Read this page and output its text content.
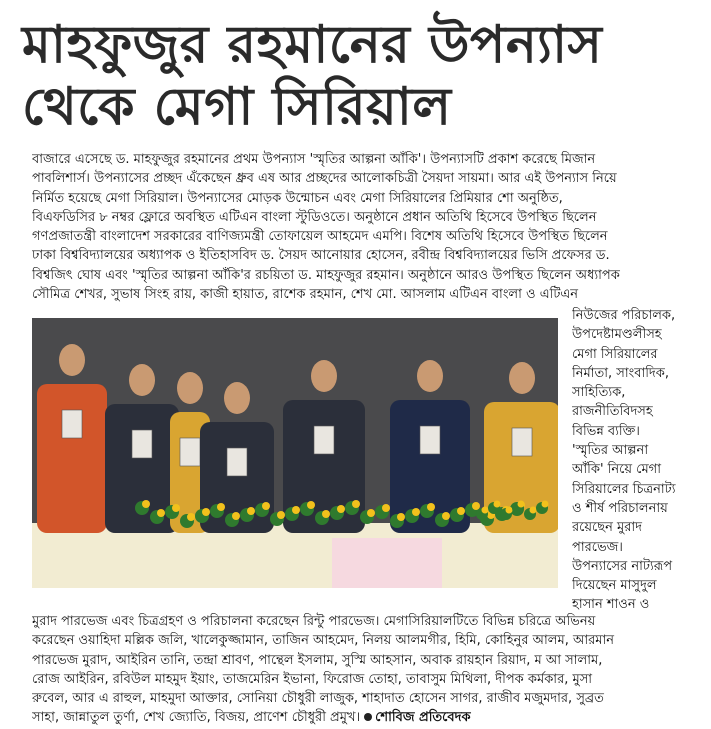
মাহফুজুর রহমানের উপন্যাস
থেকে মেগা সিরিয়াল

বাজারে এসেছে ড. মাহফুজুর রহমানের প্রথম উপন্যাস 'স্মৃতির আল্পনা আঁকি'। উপন্যাসটি প্রকাশ করেছে মিজান
পাবলিশার্স। উপন্যাসের প্রচ্ছদ এঁকেছেন ধ্রুব এষ আর প্রচ্ছদের আলোকচিত্রী সৈয়দা সায়মা। আর এই উপন্যাস নিয়ে
নির্মিত হয়েছে মেগা সিরিয়াল। উপন্যাসের মোড়ক উন্মোচন এবং মেগা সিরিয়ালের প্রিমিয়ার শো অনুষ্ঠিত,
বিএফডিসির ৮ নম্বর ফ্লোরে অবস্থিত এটিএন বাংলা স্টুডিওতে। অনুষ্ঠানে প্রধান অতিথি হিসেবে উপস্থিত ছিলেন
গণপ্রজাতন্ত্রী বাংলাদেশ সরকারের বাণিজ্যমন্ত্রী তোফায়েল আহমেদ এমপি। বিশেষ অতিথি হিসেবে উপস্থিত ছিলেন
ঢাকা বিশ্ববিদ্যালয়ের অধ্যাপক ও ইতিহাসবিদ ড. সৈয়দ আনোয়ার হোসেন, রবীন্দ্র বিশ্ববিদ্যালয়ের ভিসি প্রফেসর ড.
বিশ্বজিৎ ঘোষ এবং 'স্মৃতির আল্পনা আঁকি'র রচয়িতা ড. মাহফুজুর রহমান। অনুষ্ঠানে আরও উপস্থিত ছিলেন অধ্যাপক
সৌমিত্র শেখর, সুভাষ সিংহ রায়, কাজী হায়াত, রাশেক রহমান, শেখ মো. আসলাম এটিএন বাংলা ও এটিএন

নিউজের পরিচালক,
উপদেষ্টামণ্ডলীসহ
মেগা সিরিয়ালের
নির্মাতা, সাংবাদিক,
সাহিত্যিক,
রাজনীতিবিদসহ
বিভিন্ন ব্যক্তি।
'স্মৃতির আল্পনা
আঁকি' নিয়ে মেগা
সিরিয়ালের চিত্রনাট্য
ও শীর্ষ পরিচালনায়
রয়েছেন মুরাদ
পারভেজ।
উপন্যাসের নাট্যরূপ
দিয়েছেন মাসুদুল
হাসান শাওন ও

মুরাদ পারভেজ এবং চিত্রগ্রহণ ও পরিচালনা করেছেন রিন্টু পারভেজ। মেগাসিরিয়ালটিতে বিভিন্ন চরিত্রে অভিনয়
করেছেন ওয়াহিদা মল্লিক জলি, খালেকুজ্জামান, তাজিন আহমেদ, নিলয় আলমগীর, হিমি, কোহিনুর আলম, আরমান
পারভেজ মুরাদ, আইরিন তানি, তন্দ্রা শ্রাবণ, পান্থেল ইসলাম, সুস্মি আহসান, অবাক রায়হান রিয়াদ, ম আ সালাম,
রোজ আইরিন, রবিউল মাহমুদ ইয়াং, তাজমেরিন ইভানা, ফিরোজ তোহা, তাবাসুম মিথিলা, দীপক কর্মকার, মুসা
রুবেল, আর এ রাহুল, মাহমুদা আক্তার, সোনিয়া চৌধুরী লাজুক, শাহাদাত হোসেন সাগর, রাজীব মজুমদার, সুব্রত
সাহা, জান্নাতুল তুর্ণা, শেখ জ্যোতি, বিজয়, প্রাণেশ চৌধুরী প্রমুখ। শোবিজ প্রতিবেদক
